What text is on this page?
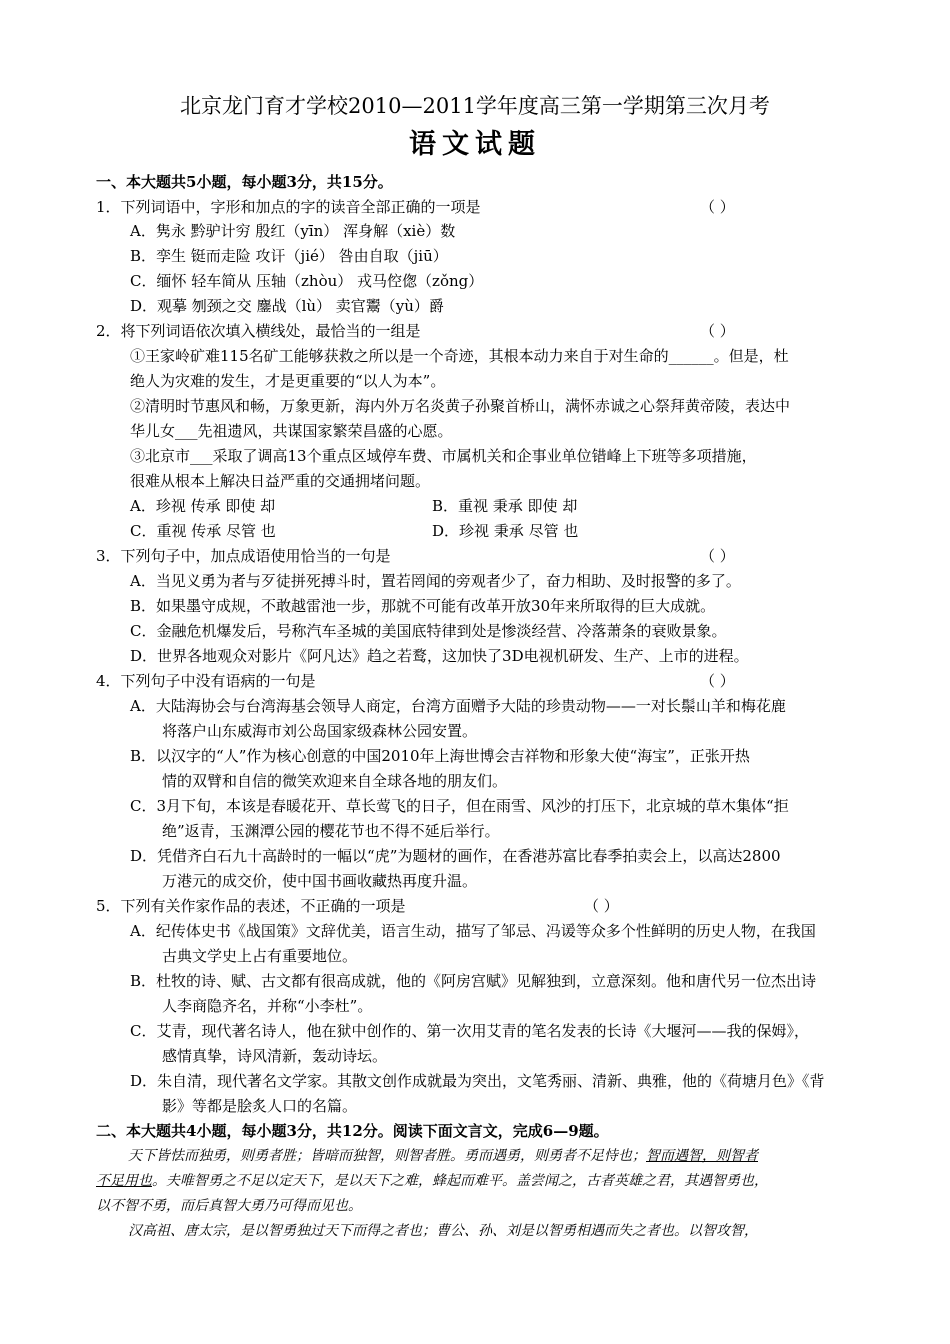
北京龙门育才学校2010—2011学年度高三第一学期第三次月考
语文试题
一、本大题共5小题，每小题3分，共15分。
1．下列词语中，字形和加点的字的读音全部正确的一项是	（ ）
A．隽永 黔驴计穷 殷红（yīn） 浑身解（xiè）数
B．孪生 铤而走险 攻讦（jié） 咎由自取（jiū）
C．缅怀 轻车简从 压轴（zhòu） 戎马倥偬（zǒng）
D．观摹 刎颈之交 鏖战（lù） 卖官鬻（yù）爵
2．将下列词语依次填入横线处，最恰当的一组是	（ ）
①王家岭矿难115名矿工能够获救之所以是一个奇迹，其根本动力来自于对生命的______。但是，杜
绝人为灾难的发生，才是更重要的“以人为本”。
②清明时节惠风和畅，万象更新，海内外万名炎黄子孙聚首桥山，满怀赤诚之心祭拜黄帝陵，表达中
华儿女___先祖遗风，共谋国家繁荣昌盛的心愿。
③北京市___采取了调高13个重点区域停车费、市属机关和企事业单位错峰上下班等多项措施，
很难从根本上解决日益严重的交通拥堵问题。
A．珍视 传承 即使 却	B．重视 秉承 即使 却
C．重视 传承 尽管 也	D．珍视 秉承 尽管 也
3．下列句子中，加点成语使用恰当的一句是	（ ）
A．当见义勇为者与歹徒拼死搏斗时，置若罔闻的旁观者少了，奋力相助、及时报警的多了。
B．如果墨守成规，不敢越雷池一步，那就不可能有改革开放30年来所取得的巨大成就。
C．金融危机爆发后，号称汽车圣城的美国底特律到处是惨淡经营、冷落萧条的衰败景象。
D．世界各地观众对影片《阿凡达》趋之若鹜，这加快了3D电视机研发、生产、上市的进程。
4．下列句子中没有语病的一句是	（ ）
A．大陆海协会与台湾海基会领导人商定，台湾方面赠予大陆的珍贵动物——一对长鬃山羊和梅花鹿
将落户山东威海市刘公岛国家级森林公园安置。
B．以汉字的“人”作为核心创意的中国2010年上海世博会吉祥物和形象大使“海宝”，正张开热
情的双臂和自信的微笑欢迎来自全球各地的朋友们。
C．3月下旬，本该是春暖花开、草长莺飞的日子，但在雨雪、风沙的打压下，北京城的草木集体“拒
绝”返青，玉渊潭公园的樱花节也不得不延后举行。
D．凭借齐白石九十高龄时的一幅以“虎”为题材的画作，在香港苏富比春季拍卖会上，以高达2800
万港元的成交价，使中国书画收藏热再度升温。
5．下列有关作家作品的表述，不正确的一项是	（ ）
A．纪传体史书《战国策》文辞优美，语言生动，描写了邹忌、冯谖等众多个性鲜明的历史人物，在我国
古典文学史上占有重要地位。
B．杜牧的诗、赋、古文都有很高成就，他的《阿房宫赋》见解独到，立意深刻。他和唐代另一位杰出诗
人李商隐齐名，并称“小李杜”。
C．艾青，现代著名诗人，他在狱中创作的、第一次用艾青的笔名发表的长诗《大堰河——我的保姆》，
感情真挚，诗风清新，轰动诗坛。
D．朱自清，现代著名文学家。其散文创作成就最为突出，文笔秀丽、清新、典雅，他的《荷塘月色》《背
影》等都是脍炙人口的名篇。
二、本大题共4小题，每小题3分，共12分。阅读下面文言文，完成6—9题。
天下皆怯而独勇，则勇者胜；皆暗而独智，则智者胜。勇而遇勇，则勇者不足恃也；智而遇智，则智者
不足用也。夫唯智勇之不足以定天下，是以天下之难，蜂起而难平。盖尝闻之，古者英雄之君，其遇智勇也，
以不智不勇，而后真智大勇乃可得而见也。
汉高祖、唐太宗，是以智勇独过天下而得之者也；曹公、孙、刘是以智勇相遇而失之者也。以智攻智，
